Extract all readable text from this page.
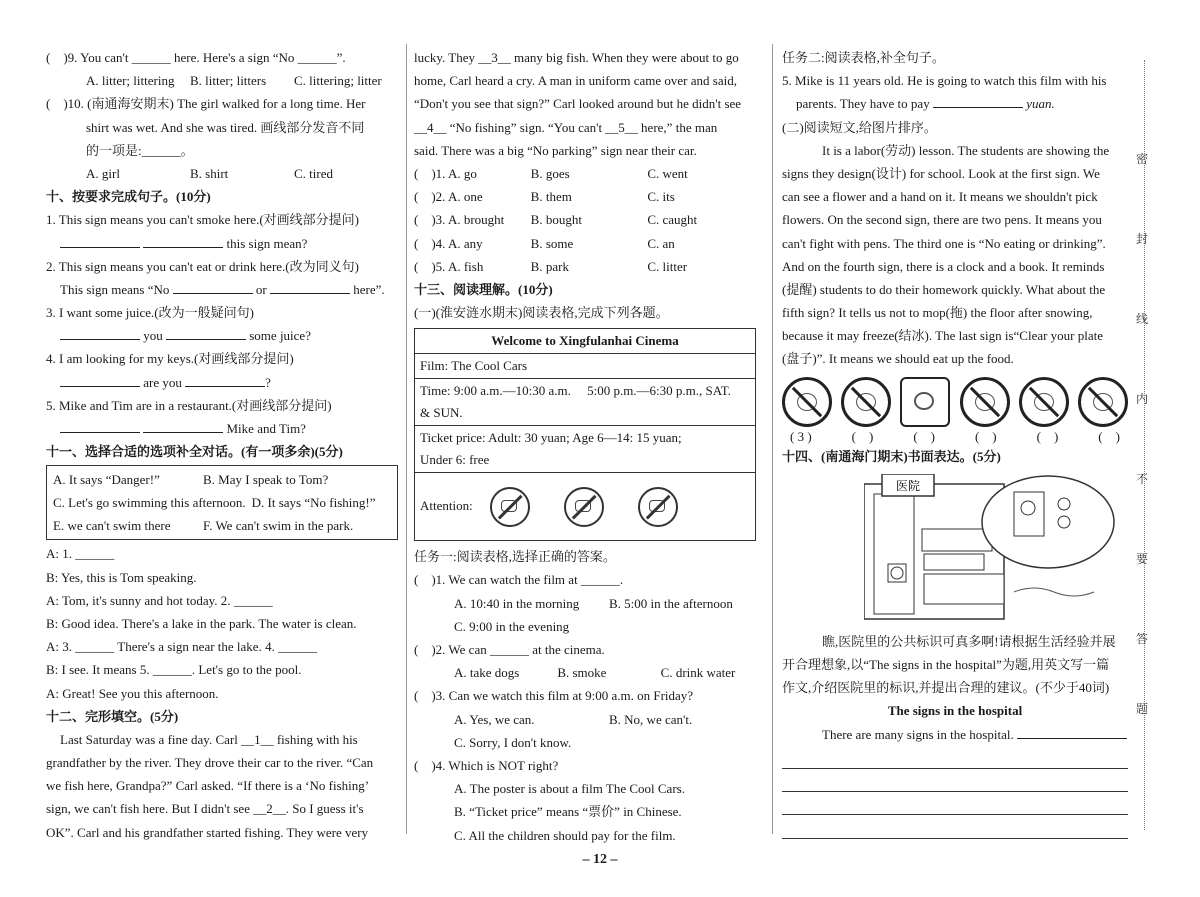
( )9. You can't ______ here. Here's a sign “No ______”.
A. litter; littering	B. litter; litters	C. littering; litter
( )10. (南通海安期末) The girl walked for a long time. Her
shirt was wet. And she was tired. 画线部分发音不同
的一项是:______。
A. girl	B. shirt	C. tired
十、按要求完成句子。(10分)
1. This sign means you can't smoke here.(对画线部分提问)
this sign mean?
2. This sign means you can't eat or drink here.(改为同义句)
This sign means “No	or	here”.
3. I want some juice.(改为一般疑问句)
you	some juice?
4. I am looking for my keys.(对画线部分提问)
are you	?
5. Mike and Tim are in a restaurant.(对画线部分提问)
Mike and Tim?
十一、选择合适的选项补全对话。(有一项多余)(5分)
A. It says “Danger!”	B. May I speak to Tom?
C. Let's go swimming this afternoon. D. It says “No fishing!”
E. we can't swim there	F. We can't swim in the park.
A: 1. ______
B: Yes, this is Tom speaking.
A: Tom, it's sunny and hot today. 2. ______
B: Good idea. There's a lake in the park. The water is clean.
A: 3. ______ There's a sign near the lake. 4. ______
B: I see. It means 5. ______. Let's go to the pool.
A: Great! See you this afternoon.
十二、完形填空。(5分)
Last Saturday was a fine day. Carl __1__ fishing with his
grandfather by the river. They drove their car to the river. “Can
we fish here, Grandpa?” Carl asked. “If there is a ‘No fishing’
sign, we can't fish here. But I didn't see __2__. So I guess it's
OK”. Carl and his grandfather started fishing. They were very
lucky. They __3__ many big fish. When they were about to go
home, Carl heard a cry. A man in uniform came over and said,
“Don't you see that sign?” Carl looked around but he didn't see
__4__ “No fishing” sign. “You can't __5__ here,” the man
said. There was a big “No parking” sign near their car.
( )1. A. go	B. goes	C. went
( )2. A. one	B. them	C. its
( )3. A. brought	B. bought	C. caught
( )4. A. any	B. some	C. an
( )5. A. fish	B. park	C. litter
十三、阅读理解。(10分)
(一)(淮安涟水期末)阅读表格,完成下列各题。
Welcome to Xingfulanhai Cinema
Film: The Cool Cars

Time: 9:00 a.m.—10:30 a.m.  5:00 p.m.—6:30 p.m., SAT.
& SUN.

Ticket price: Adult: 30 yuan; Age 6—14: 15 yuan;
Under 6: free

Attention:
任务一:阅读表格,选择正确的答案。
( )1. We can watch the film at ______.
A. 10:40 in the morning	B. 5:00 in the afternoon
C. 9:00 in the evening
( )2. We can ______ at the cinema.
A. take dogs	B. smoke	C. drink water
( )3. Can we watch this film at 9:00 a.m. on Friday?
A. Yes, we can.	B. No, we can't.
C. Sorry, I don't know.
( )4. Which is NOT right?
A. The poster is about a film The Cool Cars.
B. “Ticket price” means “票价” in Chinese.
C. All the children should pay for the film.
任务二:阅读表格,补全句子。
5. Mike is 11 years old. He is going to watch this film with his
parents. They have to pay	yuan.
(二)阅读短文,给图片排序。
It is a labor(劳动) lesson. The students are showing the
signs they design(设计) for school. Look at the first sign. We
can see a flower and a hand on it. It means we shouldn't pick
flowers. On the second sign, there are two pens. It means you
can't fight with pens. The third one is “No eating or drinking”.
And on the fourth sign, there is a clock and a book. It reminds
(提醒) students to do their homework quickly. What about the
fifth sign? It tells us not to mop(拖) the floor after snowing,
because it may freeze(结冰). The last sign is“Clear your plate
(盘子)”. It means we should eat up the food.
( 3 )	( )	( )	( )	( )	( )
十四、(南通海门期末)书面表达。(5分)
医院
瞧,医院里的公共标识可真多啊!请根据生活经验并展
开合理想象,以“The signs in the hospital”为题,用英文写一篇
作文,介绍医院里的标识,并提出合理的建议。(不少于40词)
The signs in the hospital
There are many signs in the hospital.
密
封
线
内
不
要
答
题
– 12 –
